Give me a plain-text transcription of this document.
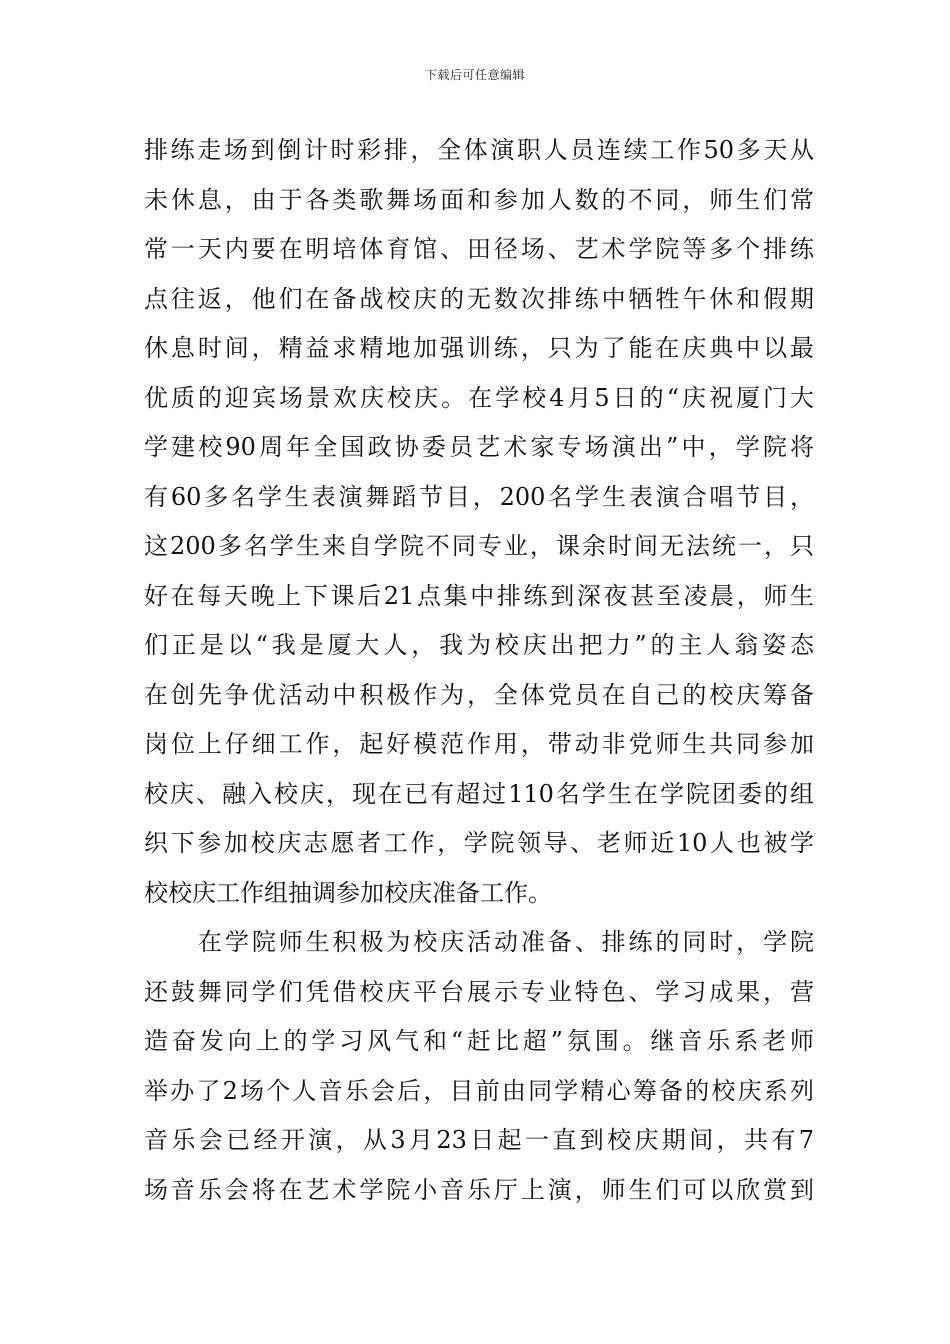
下载后可任意编辑
排练走场到倒计时彩排，全体演职人员连续工作50多天从
未休息，由于各类歌舞场面和参加人数的不同，师生们常
常一天内要在明培体育馆、田径场、艺术学院等多个排练
点往返，他们在备战校庆的无数次排练中牺牲午休和假期
休息时间，精益求精地加强训练，只为了能在庆典中以最
优质的迎宾场景欢庆校庆。在学校4月5日的“庆祝厦门大
学建校90周年全国政协委员艺术家专场演出”中，学院将
有60多名学生表演舞蹈节目，200名学生表演合唱节目，
这200多名学生来自学院不同专业，课余时间无法统一，只
好在每天晚上下课后21点集中排练到深夜甚至凌晨，师生
们正是以“我是厦大人，我为校庆出把力”的主人翁姿态
在创先争优活动中积极作为，全体党员在自己的校庆筹备
岗位上仔细工作，起好模范作用，带动非党师生共同参加
校庆、融入校庆，现在已有超过110名学生在学院团委的组
织下参加校庆志愿者工作，学院领导、老师近10人也被学
校校庆工作组抽调参加校庆准备工作。
在学院师生积极为校庆活动准备、排练的同时，学院
还鼓舞同学们凭借校庆平台展示专业特色、学习成果，营
造奋发向上的学习风气和“赶比超”氛围。继音乐系老师
举办了2场个人音乐会后，目前由同学精心筹备的校庆系列
音乐会已经开演，从3月23日起一直到校庆期间，共有7
场音乐会将在艺术学院小音乐厅上演，师生们可以欣赏到
